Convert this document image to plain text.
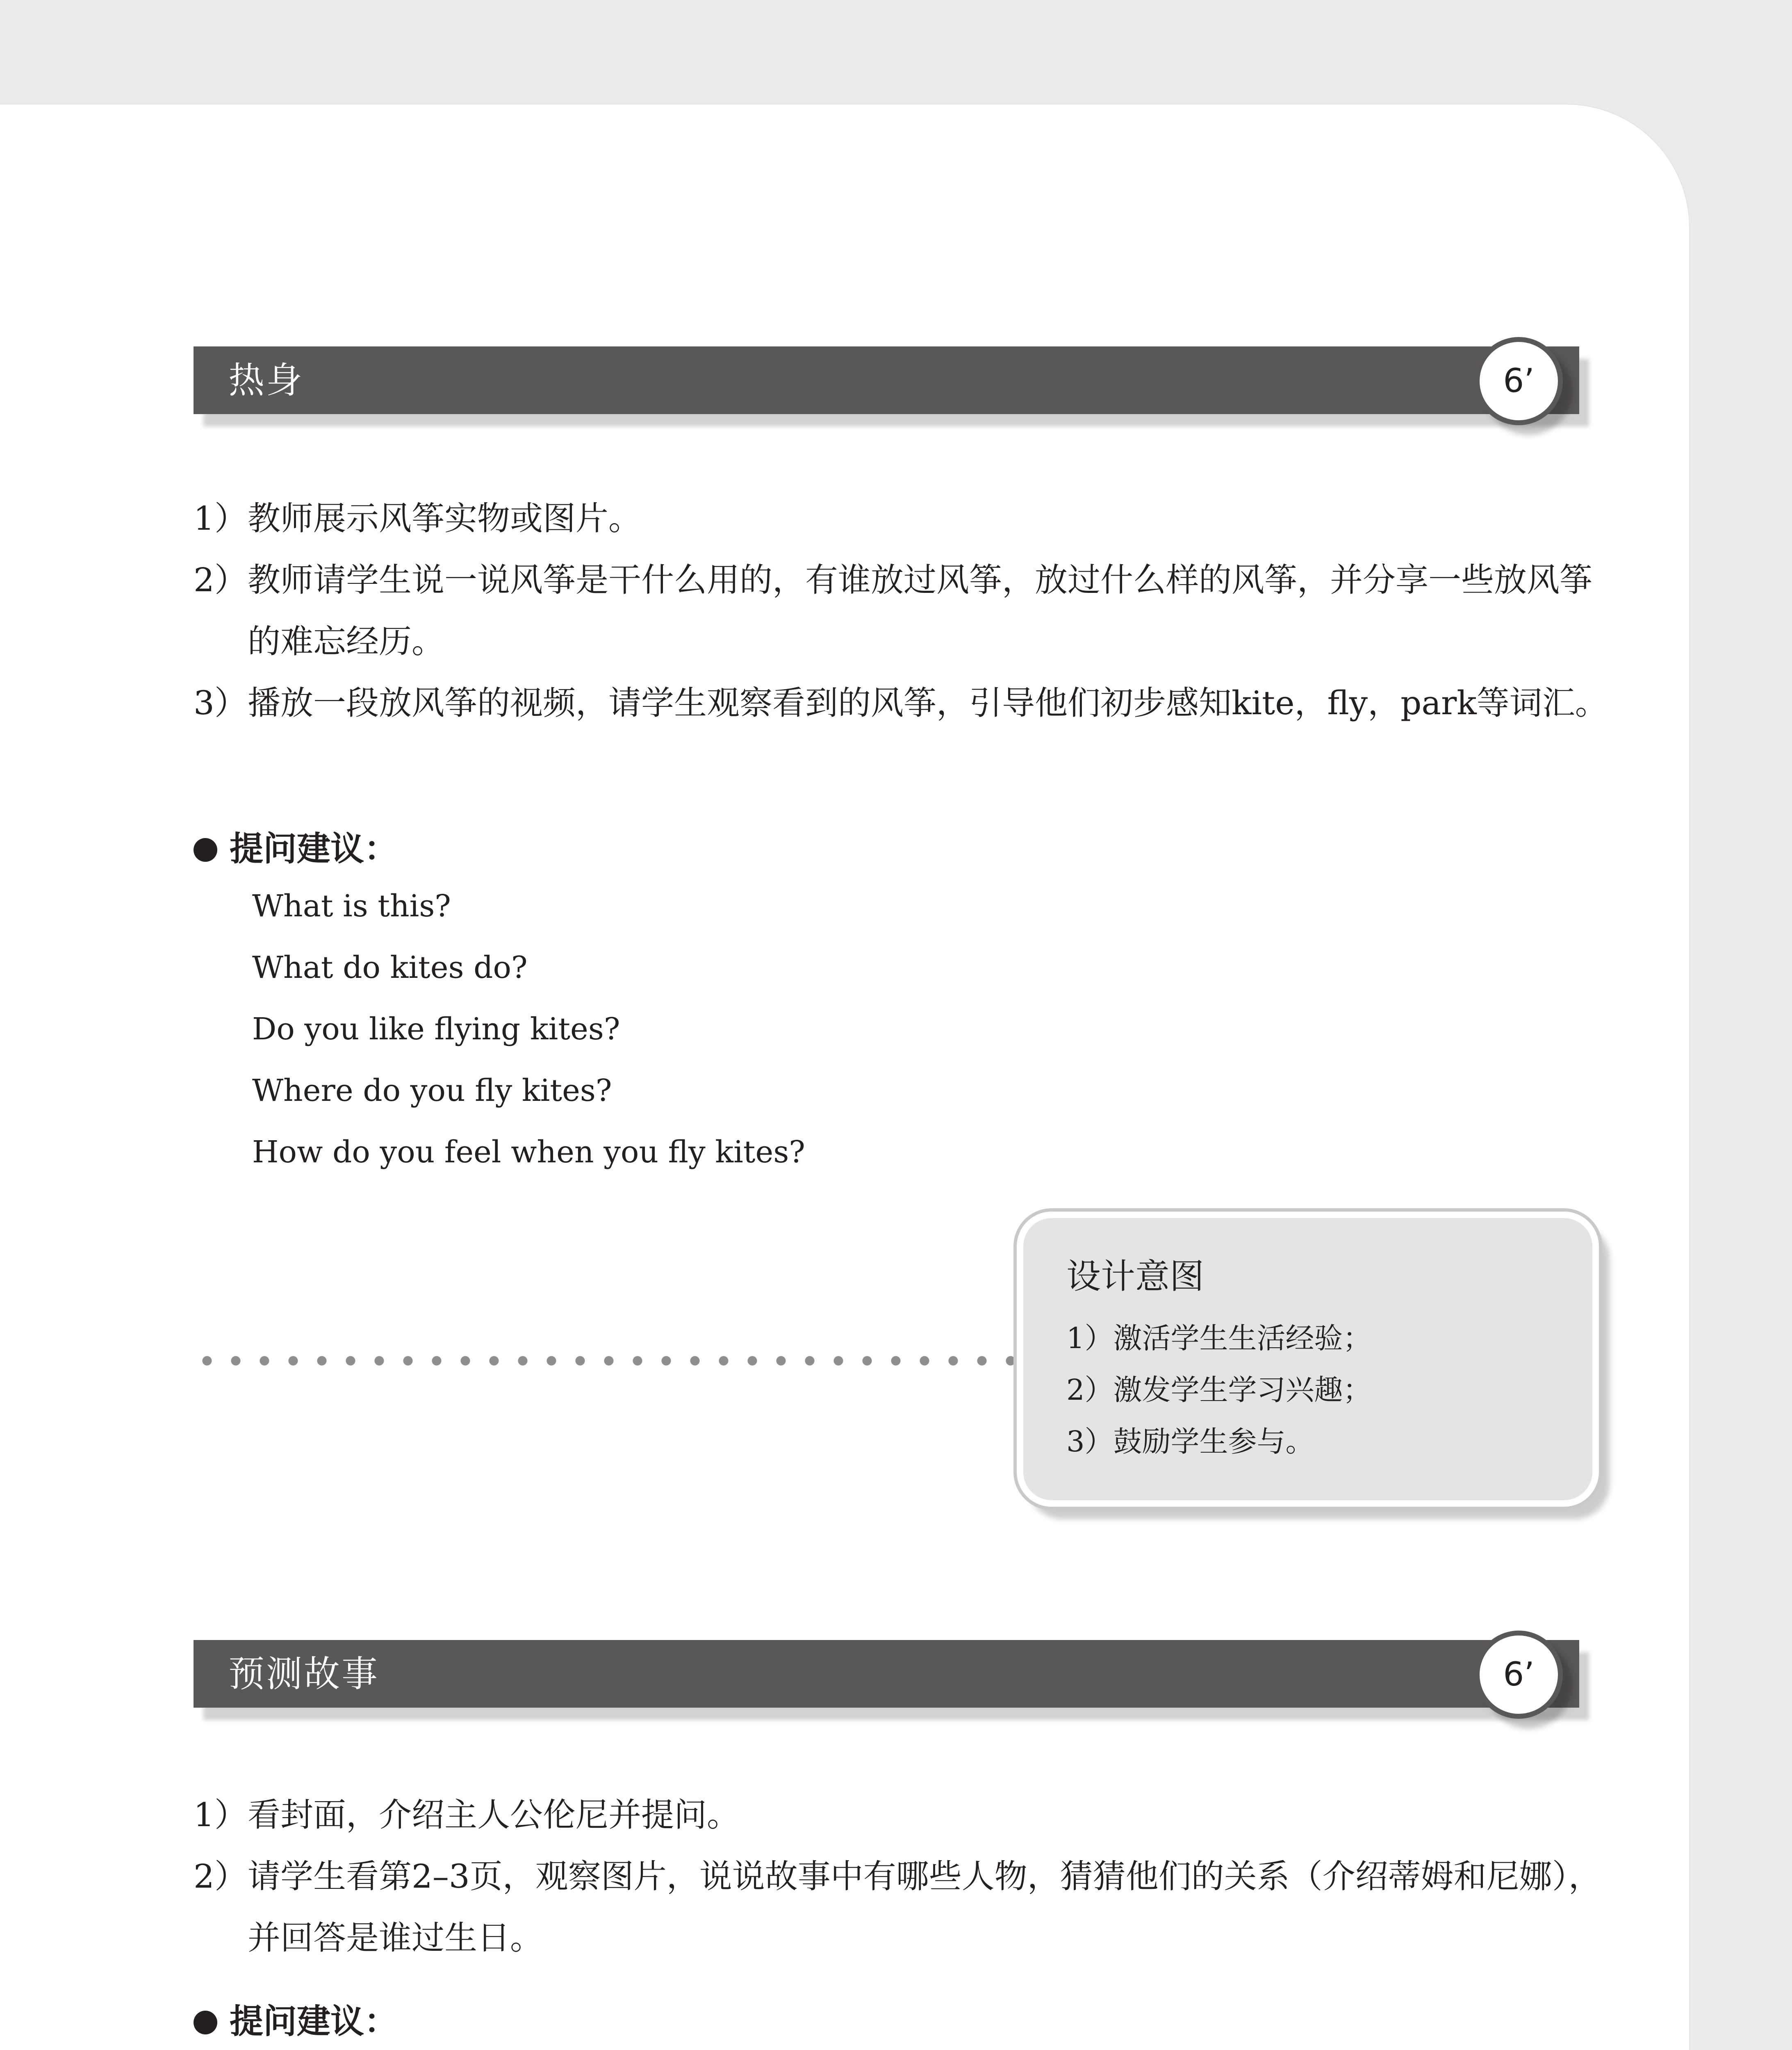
热身	6’
1） 教师展示风筝实物或图片。
2） 教师请学生说一说风筝是干什么用的，有谁放过风筝，放过什么样的风筝，并分享一些放风筝的难忘经历。
3） 播放一段放风筝的视频，请学生观察看到的风筝，引导他们初步感知kite，fly，park等词汇。
提问建议：
What is this?
What do kites do?
Do you like flying kites?
Where do you fly kites?
How do you feel when you fly kites?
设计意图
1）激活学生生活经验；
2）激发学生学习兴趣；
3）鼓励学生参与。
预测故事	6’
1） 看封面，介绍主人公伦尼并提问。
2） 请学生看第2–3页，观察图片，说说故事中有哪些人物，猜猜他们的关系（介绍蒂姆和尼娜），并回答是谁过生日。
提问建议：
